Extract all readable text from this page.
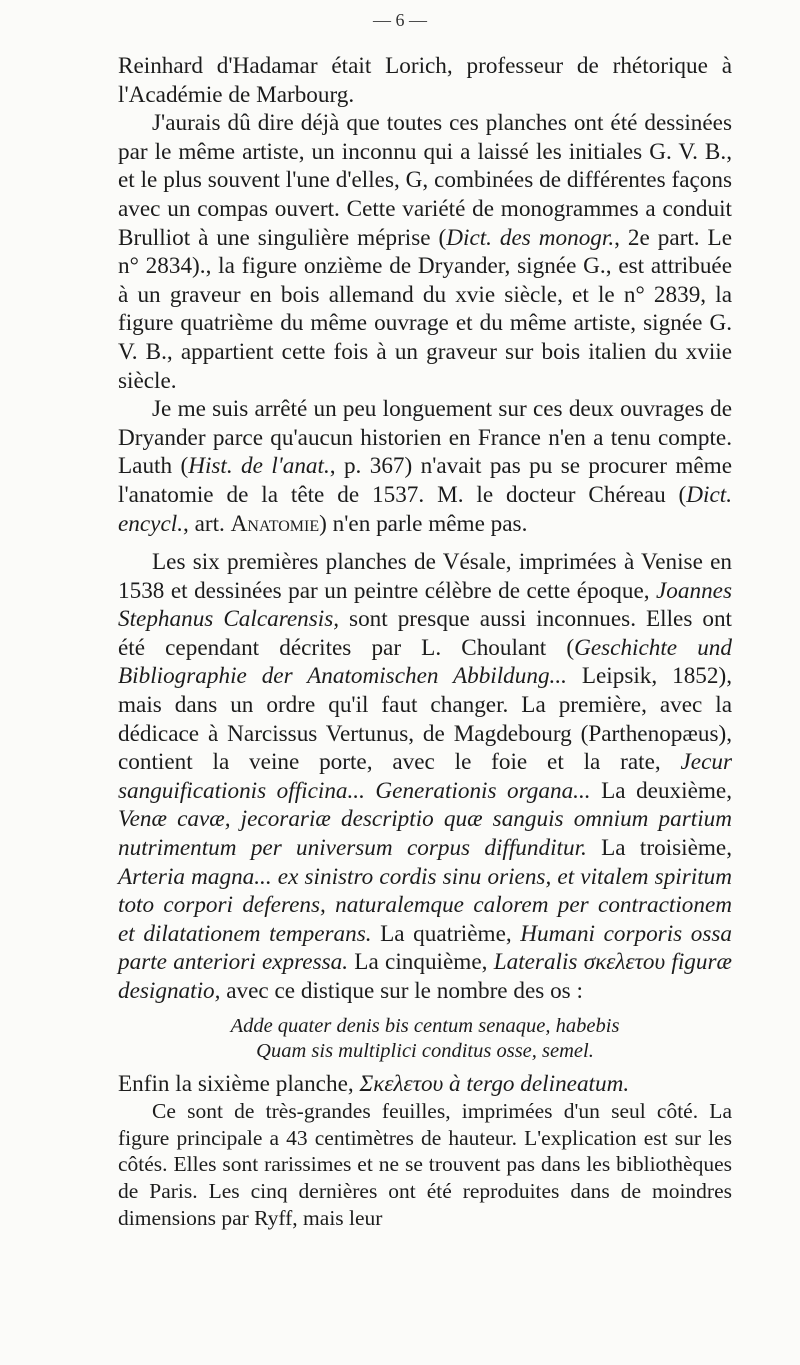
— 6 —

Reinhard d'Hadamar était Lorich, professeur de rhétorique à l'Académie de Marbourg.

J'aurais dû dire déjà que toutes ces planches ont été dessinées par le même artiste, un inconnu qui a laissé les initiales G. V. B., et le plus souvent l'une d'elles, G, combinées de différentes façons avec un compas ouvert. Cette variété de monogrammes a conduit Brulliot à une singulière méprise (Dict. des monogr., 2e part. Le n° 2834)., la figure onzième de Dryander, signée G., est attribuée à un graveur en bois allemand du xvie siècle, et le n° 2839, la figure quatrième du même ouvrage et du même artiste, signée G. V. B., appartient cette fois à un graveur sur bois italien du xviie siècle.

Je me suis arrêté un peu longuement sur ces deux ouvrages de Dryander parce qu'aucun historien en France n'en a tenu compte. Lauth (Hist. de l'anat., p. 367) n'avait pas pu se procurer même l'anatomie de la tête de 1537. M. le docteur Chéreau (Dict. encycl., art. Anatomie) n'en parle même pas.

Les six premières planches de Vésale, imprimées à Venise en 1538 et dessinées par un peintre célèbre de cette époque, Joannes Stephanus Calcarensis, sont presque aussi inconnues. Elles ont été cependant décrites par L. Choulant (Geschichte und Bibliographie der Anatomischen Abbildung... Leipsik, 1852), mais dans un ordre qu'il faut changer. La première, avec la dédicace à Narcissus Vertunus, de Magdebourg (Parthenopæus), contient la veine porte, avec le foie et la rate, Jecur sanguificationis officina... Generationis organa... La deuxième, Venæ cavæ, jecorariæ descriptio quæ sanguis omnium partium nutrimentum per universum corpus diffunditur. La troisième, Arteria magna... ex sinistro cordis sinu oriens, et vitalem spiritum toto corpori deferens, naturalemque calorem per contractionem et dilatationem temperans. La quatrième, Humani corporis ossa parte anteriori expressa. La cinquième, Lateralis σκελετου figuræ designatio, avec ce distique sur le nombre des os :

Adde quater denis bis centum senaque, habebis
Quam sis multiplici conditus osse, semel.

Enfin la sixième planche, Σκελετου à tergo delineatum.

Ce sont de très-grandes feuilles, imprimées d'un seul côté. La figure principale a 43 centimètres de hauteur. L'explication est sur les côtés. Elles sont rarissimes et ne se trouvent pas dans les bibliothèques de Paris. Les cinq dernières ont été reproduites dans de moindres dimensions par Ryff, mais leur
